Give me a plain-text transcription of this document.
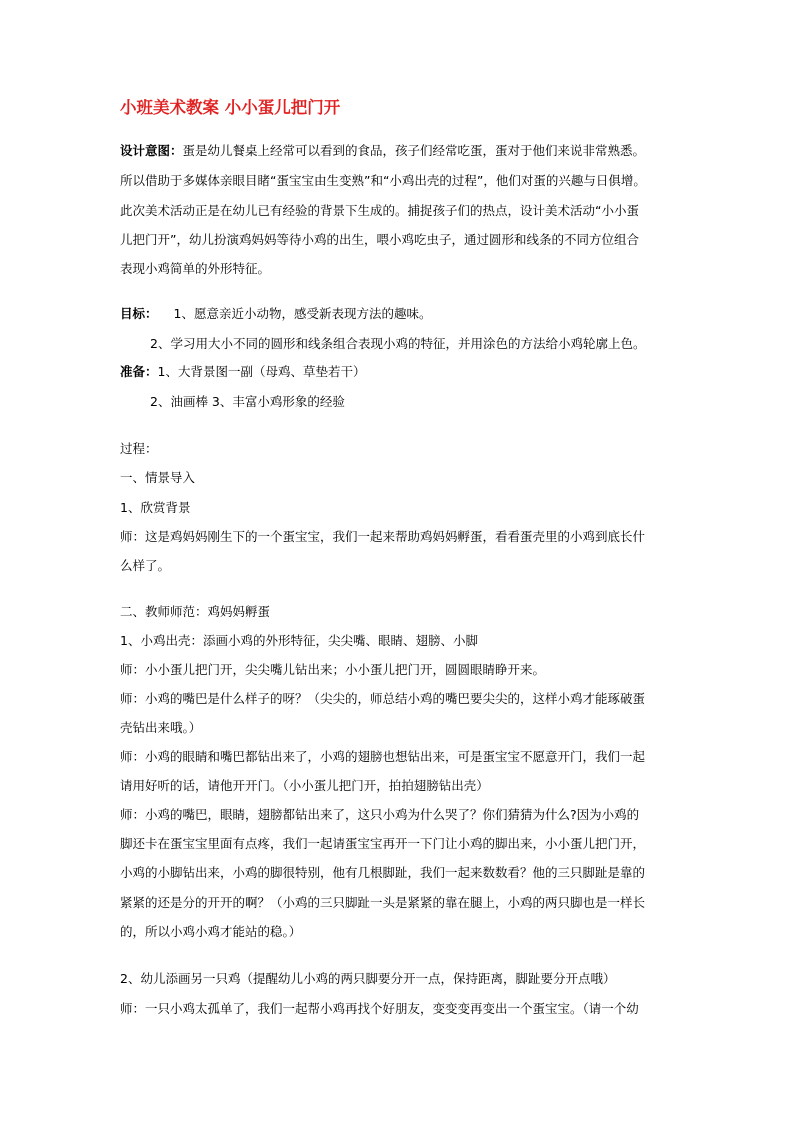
小班美术教案 小小蛋儿把门开
设计意图：蛋是幼儿餐桌上经常可以看到的食品，孩子们经常吃蛋，蛋对于他们来说非常熟悉。
所以借助于多媒体亲眼目睹“蛋宝宝由生变熟”和“小鸡出壳的过程”，他们对蛋的兴趣与日俱增。
此次美术活动正是在幼儿已有经验的背景下生成的。捕捉孩子们的热点，设计美术活动“小小蛋
儿把门开”，幼儿扮演鸡妈妈等待小鸡的出生，喂小鸡吃虫子，通过圆形和线条的不同方位组合
表现小鸡简单的外形特征。
目标： 1、愿意亲近小动物，感受新表现方法的趣味。
2、学习用大小不同的圆形和线条组合表现小鸡的特征，并用涂色的方法给小鸡轮廓上色。
准备：1、大背景图一副（母鸡、草垫若干）
2、油画棒 3、丰富小鸡形象的经验
过程：
一、情景导入
1、欣赏背景
师：这是鸡妈妈刚生下的一个蛋宝宝，我们一起来帮助鸡妈妈孵蛋，看看蛋壳里的小鸡到底长什
么样了。
二、教师师范：鸡妈妈孵蛋
1、小鸡出壳：添画小鸡的外形特征，尖尖嘴、眼睛、翅膀、小脚
师：小小蛋儿把门开，尖尖嘴儿钻出来；小小蛋儿把门开，圆圆眼睛睁开来。
师：小鸡的嘴巴是什么样子的呀？（尖尖的，师总结小鸡的嘴巴要尖尖的，这样小鸡才能琢破蛋
壳钻出来哦。）
师：小鸡的眼睛和嘴巴都钻出来了，小鸡的翅膀也想钻出来，可是蛋宝宝不愿意开门，我们一起
请用好听的话，请他开开门。（小小蛋儿把门开，拍拍翅膀钻出壳）
师：小鸡的嘴巴，眼睛，翅膀都钻出来了，这只小鸡为什么哭了？你们猜猜为什么?因为小鸡的
脚还卡在蛋宝宝里面有点疼，我们一起请蛋宝宝再开一下门让小鸡的脚出来，小小蛋儿把门开，
小鸡的小脚钻出来，小鸡的脚很特别，他有几根脚趾，我们一起来数数看？他的三只脚趾是靠的
紧紧的还是分的开开的啊？（小鸡的三只脚趾一头是紧紧的靠在腿上，小鸡的两只脚也是一样长
的，所以小鸡小鸡才能站的稳。）
2、幼儿添画另一只鸡（提醒幼儿小鸡的两只脚要分开一点，保持距离，脚趾要分开点哦）
师：一只小鸡太孤单了，我们一起帮小鸡再找个好朋友，变变变再变出一个蛋宝宝。（请一个幼
